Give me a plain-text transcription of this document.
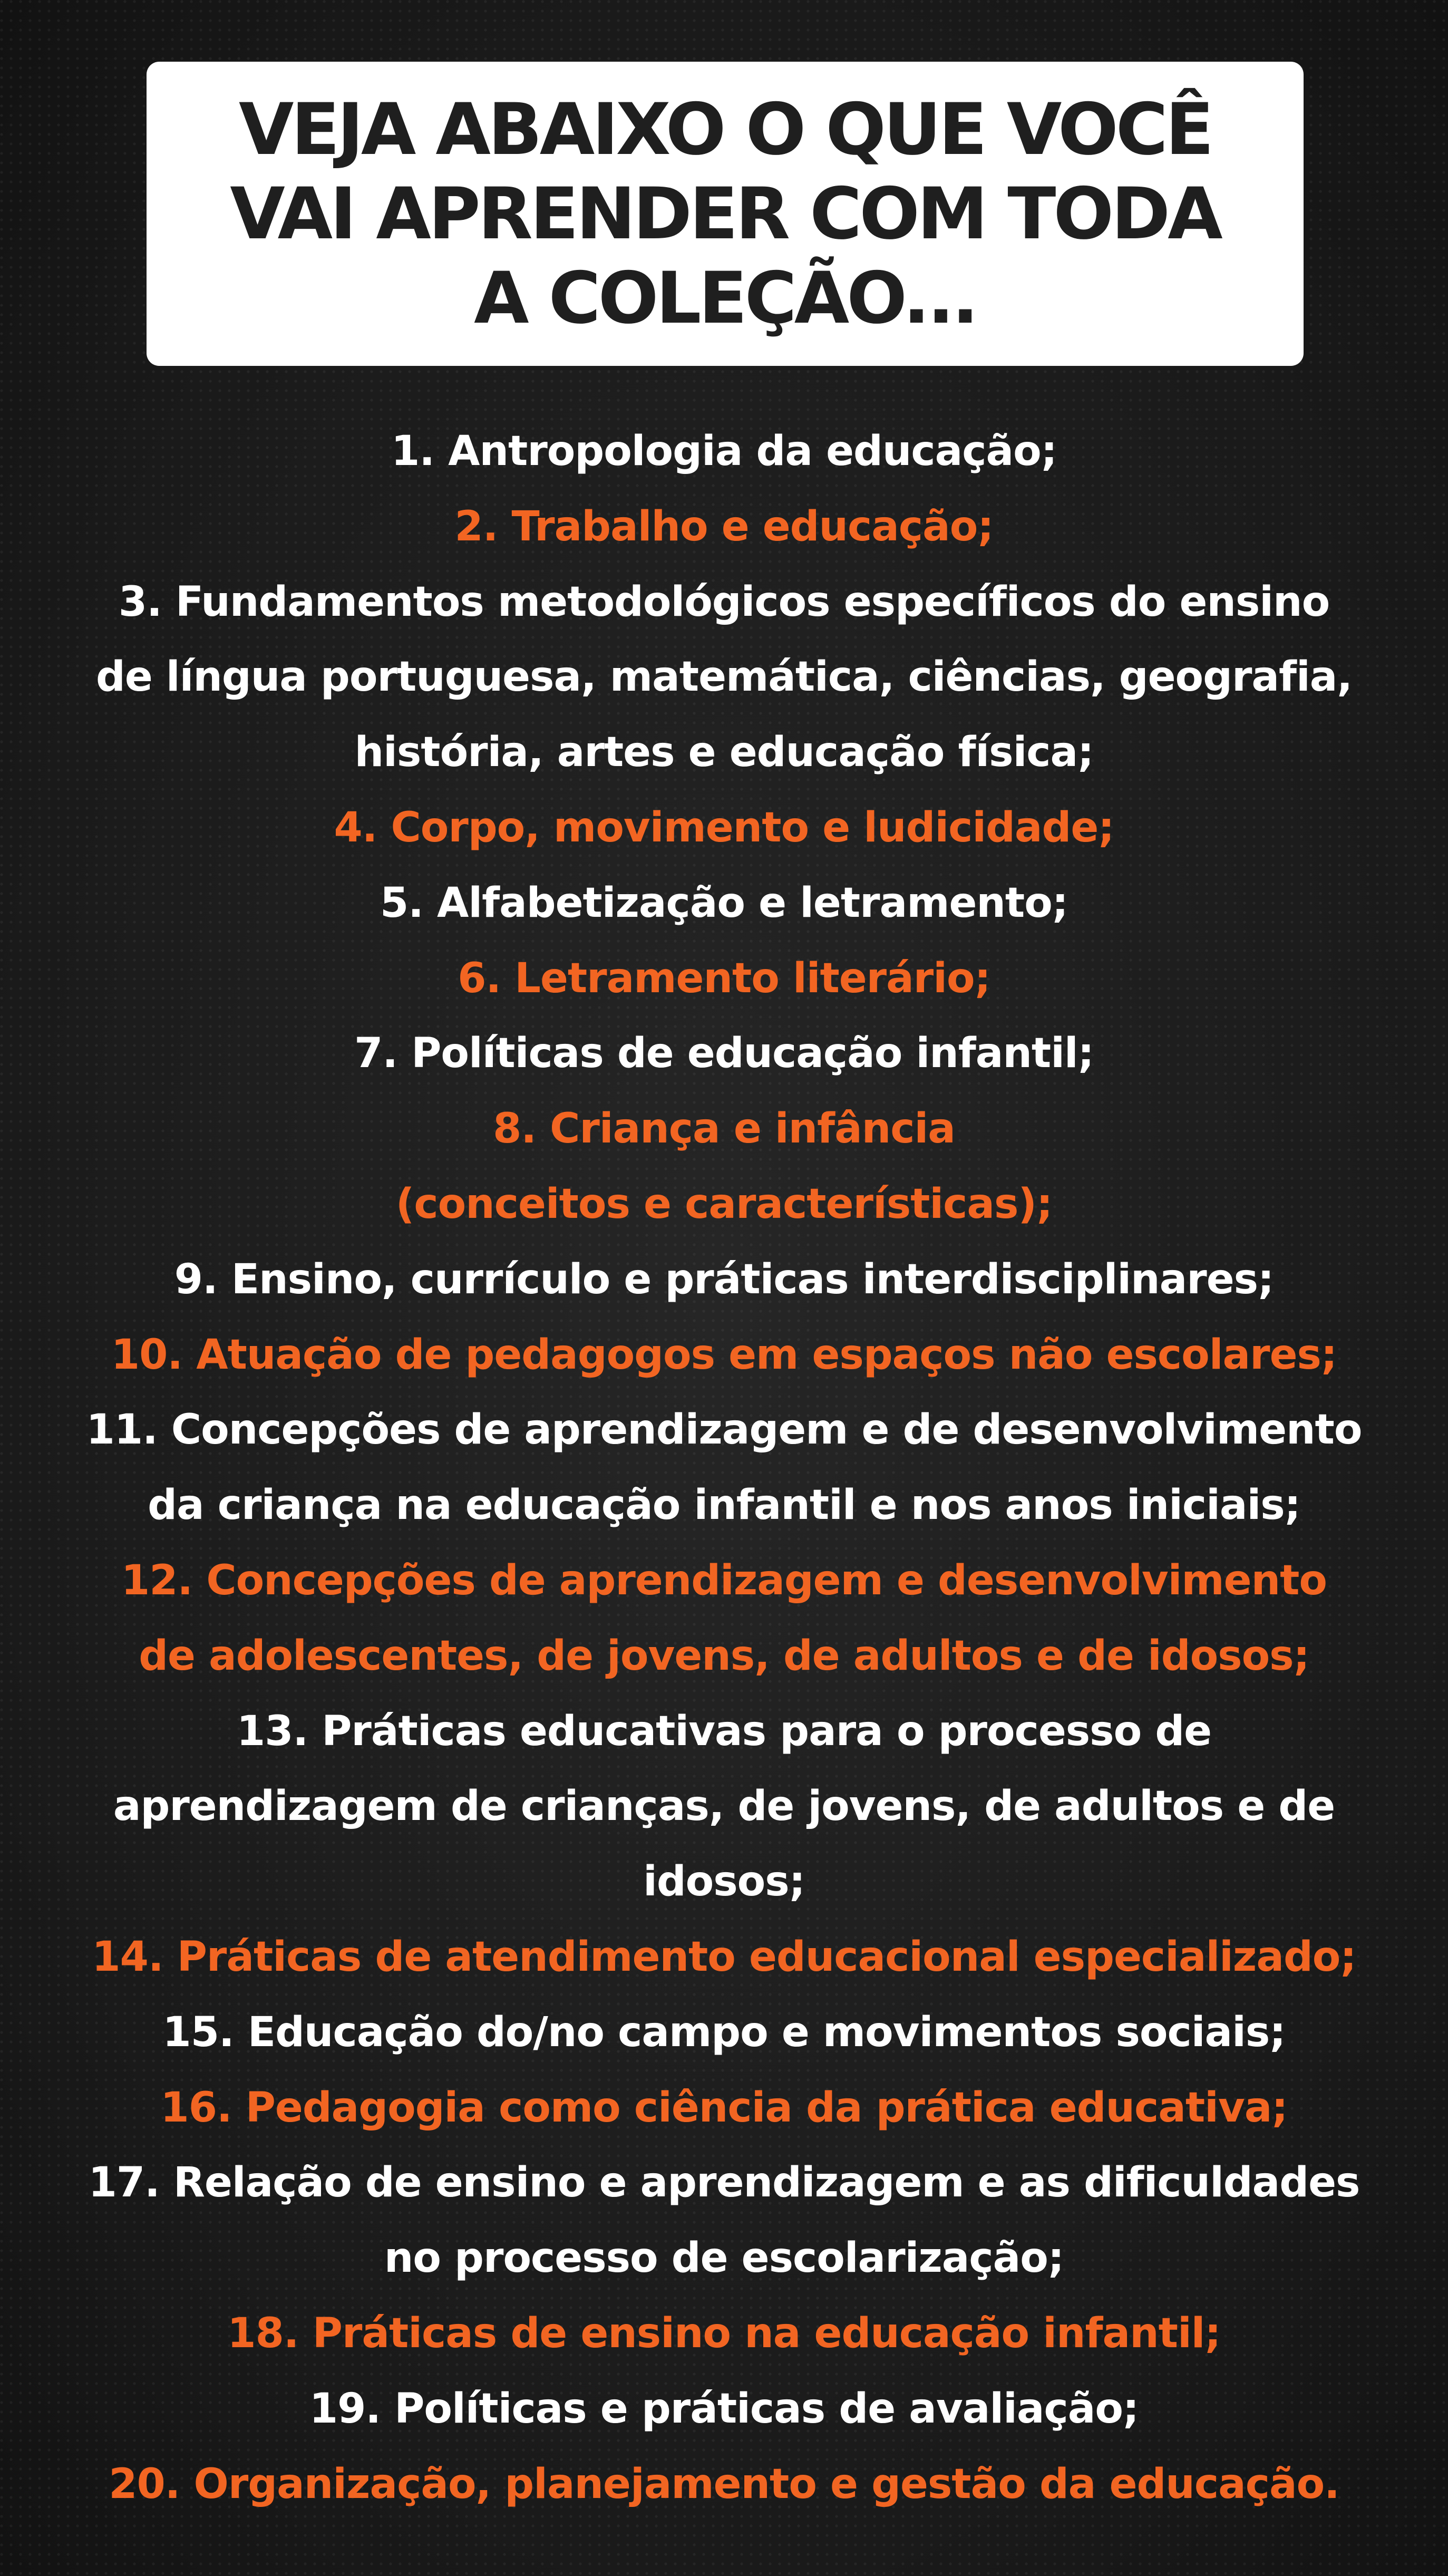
VEJA ABAIXO O QUE VOCÊ
VAI APRENDER COM TODA
A COLEÇÃO...
1. Antropologia da educação;
2. Trabalho e educação;
3. Fundamentos metodológicos específicos do ensino
de língua portuguesa, matemática, ciências, geografia,
história, artes e educação física;
4. Corpo, movimento e ludicidade;
5. Alfabetização e letramento;
6. Letramento literário;
7. Políticas de educação infantil;
8. Criança e infância
(conceitos e características);
9. Ensino, currículo e práticas interdisciplinares;
10. Atuação de pedagogos em espaços não escolares;
11. Concepções de aprendizagem e de desenvolvimento
da criança na educação infantil e nos anos iniciais;
12. Concepções de aprendizagem e desenvolvimento
de adolescentes, de jovens, de adultos e de idosos;
13. Práticas educativas para o processo de
aprendizagem de crianças, de jovens, de adultos e de
idosos;
14. Práticas de atendimento educacional especializado;
15. Educação do/no campo e movimentos sociais;
16. Pedagogia como ciência da prática educativa;
17. Relação de ensino e aprendizagem e as dificuldades
no processo de escolarização;
18. Práticas de ensino na educação infantil;
19. Políticas e práticas de avaliação;
20. Organização, planejamento e gestão da educação.
